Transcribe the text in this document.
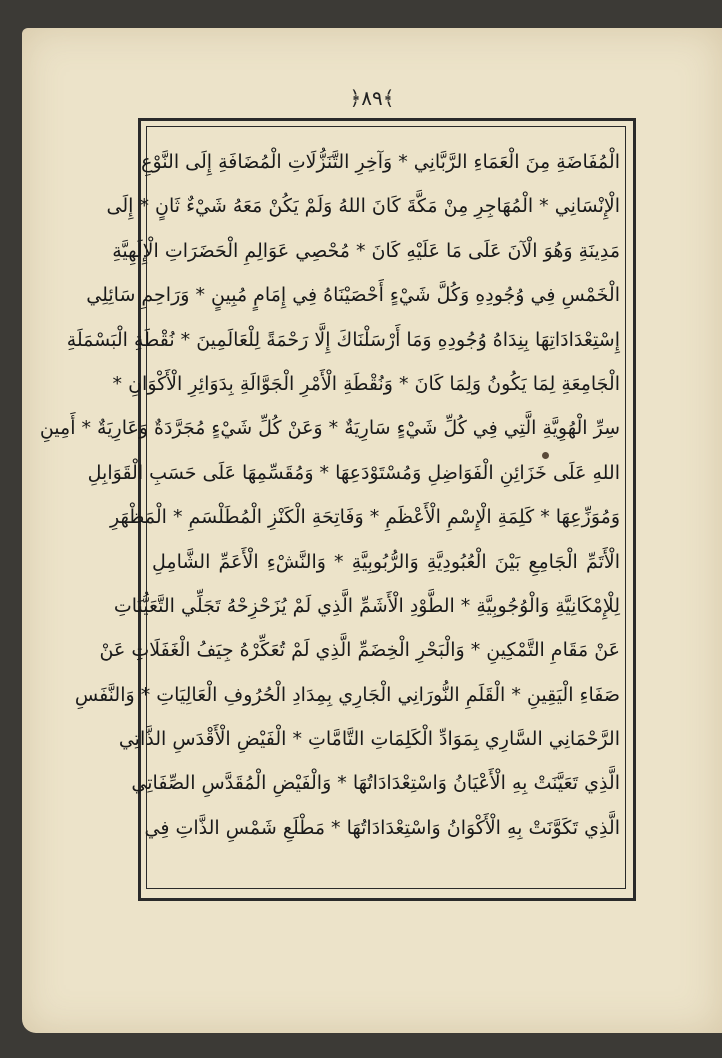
﴿٨٩﴾
الْمُفَاضَةِ مِنَ الْعَمَاءِ الرَّبَّانِي * وَآخِرِ التَّنَزُّلَاتِ الْمُضَافَةِ إِلَى النَّوْعِ
الْإِنْسَانِي * الْمُهَاجِرِ مِنْ مَكَّةَ كَانَ اللهُ وَلَمْ يَكُنْ مَعَهُ شَيْءٌ ثَانٍ * إِلَى
مَدِينَةِ وَهُوَ الْآنَ عَلَى مَا عَلَيْهِ كَانَ * مُحْصِي عَوَالِمِ الْحَضَرَاتِ الْإِلَهِيَّةِ
الْخَمْسِ فِي وُجُودِهِ وَكُلَّ شَيْءٍ أَحْصَيْنَاهُ فِي إِمَامٍ مُبِينٍ * وَرَاحِمِ سَائِلِي
إِسْتِعْدَادَاتِهَا بِنِدَاهُ وُجُودِهِ وَمَا أَرْسَلْنَاكَ إِلَّا رَحْمَةً لِلْعَالَمِينَ * نُقْطَةِ الْبَسْمَلَةِ
الْجَامِعَةِ لِمَا يَكُونُ وَلِمَا كَانَ * وَنُقْطَةِ الْأَمْرِ الْجَوَّالَةِ بِدَوَائِرِ الْأَكْوَانِ *
سِرِّ الْهُوِيَّةِ الَّتِي فِي كُلِّ شَيْءٍ سَارِيَةٌ * وَعَنْ كُلِّ شَيْءٍ مُجَرَّدَةٌ وَعَارِيَةٌ * أَمِينِ
اللهِ عَلَى خَزَائِنِ الْفَوَاضِلِ وَمُسْتَوْدَعِهَا * وَمُقَسِّمِهَا عَلَى حَسَبِ الْقَوَابِلِ
وَمُوَزِّعِهَا * كَلِمَةِ الْإِسْمِ الْأَعْظَمِ * وَفَاتِحَةِ الْكَنْزِ الْمُطَلْسَمِ * الْمَظْهَرِ
الْأَتَمِّ الْجَامِعِ بَيْنَ الْعُبُودِيَّةِ وَالرُّبُوبِيَّةِ * وَالنَّشْءِ الْأَعَمِّ الشَّامِلِ
لِلْإِمْكَانِيَّةِ وَالْوُجُوبِيَّةِ * الطَّوْدِ الْأَشَمِّ الَّذِي لَمْ يُزَحْزِحْهُ تَجَلِّي التَّعَيُّنَاتِ
عَنْ مَقَامِ التَّمْكِينِ * وَالْبَحْرِ الْخِضَمِّ الَّذِي لَمْ تُعَكِّرْهُ جِيَفُ الْغَفَلَاتِ عَنْ
صَفَاءِ الْيَقِينِ * الْقَلَمِ النُّورَانِي الْجَارِي بِمِدَادِ الْحُرُوفِ الْعَالِيَاتِ * وَالنَّفَسِ
الرَّحْمَانِي السَّارِي بِمَوَادِّ الْكَلِمَاتِ التَّامَّاتِ * الْفَيْضِ الْأَقْدَسِ الذَّاتِي
الَّذِي تَعَيَّنَتْ بِهِ الْأَعْيَانُ وَاسْتِعْدَادَاتُهَا * وَالْفَيْضِ الْمُقَدَّسِ الصِّفَاتِي
الَّذِي تَكَوَّنَتْ بِهِ الْأَكْوَانُ وَاسْتِعْدَادَاتُهَا * مَطْلَعِ شَمْسِ الذَّاتِ فِي
